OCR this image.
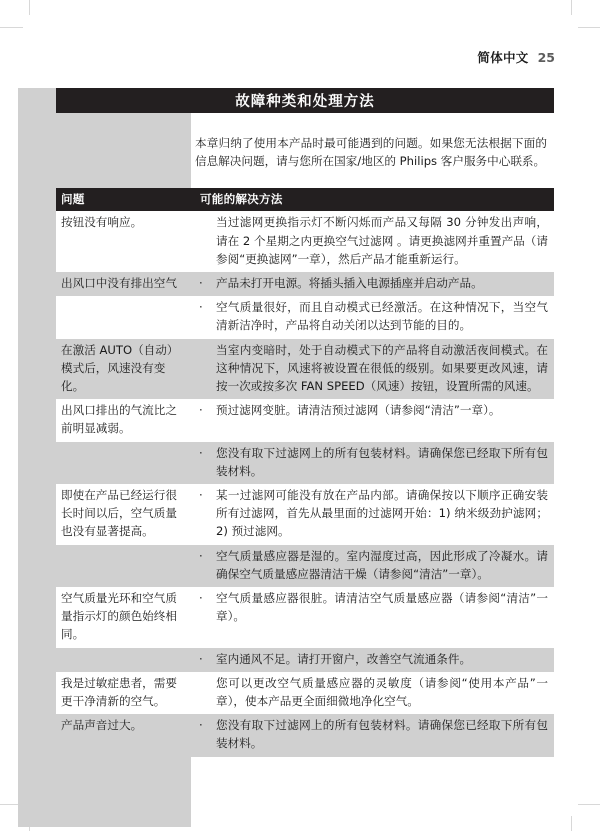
简体中文 25
故障种类和处理方法
本章归纳了使用本产品时最可能遇到的问题。如果您无法根据下面的信息解决问题，请与您所在国家/地区的 Philips 客户服务中心联系。
问题	可能的解决方法
按钮没有响应。	当过滤网更换指示灯不断闪烁而产品又每隔 30 分钟发出声响，请在 2 个星期之内更换空气过滤网 。请更换滤网并重置产品（请参阅“更换滤网”一章），然后产品才能重新运行。

出风口中没有排出空气	· 产品未打开电源。将插头插入电源插座并启动产品。

	· 空气质量很好，而且自动模式已经激活。在这种情况下，当空气清新洁净时，产品将自动关闭以达到节能的目的。

在激活 AUTO（自动）模式后，风速没有变化。	当室内变暗时，处于自动模式下的产品将自动激活夜间模式。在这种情况下，风速将被设置在很低的级别。如果要更改风速，请按一次或按多次 FAN SPEED（风速）按钮，设置所需的风速。

出风口排出的气流比之前明显减弱。	· 预过滤网变脏。请清洁预过滤网（请参阅“清洁”一章）。

	· 您没有取下过滤网上的所有包装材料。请确保您已经取下所有包装材料。

即使在产品已经运行很长时间以后，空气质量也没有显著提高。	· 某一过滤网可能没有放在产品内部。请确保按以下顺序正确安装所有过滤网，首先从最里面的过滤网开始：1) 纳米级劲护滤网；2) 预过滤网。

	· 空气质量感应器是湿的。室内湿度过高，因此形成了冷凝水。请确保空气质量感应器清洁干燥（请参阅“清洁”一章）。

空气质量光环和空气质量指示灯的颜色始终相同。	· 空气质量感应器很脏。请清洁空气质量感应器（请参阅“清洁”一章）。

	· 室内通风不足。请打开窗户，改善空气流通条件。

我是过敏症患者，需要更干净清新的空气。	您可以更改空气质量感应器的灵敏度（请参阅“使用本产品”一章），使本产品更全面细微地净化空气。

产品声音过大。	· 您没有取下过滤网上的所有包装材料。请确保您已经取下所有包装材料。
